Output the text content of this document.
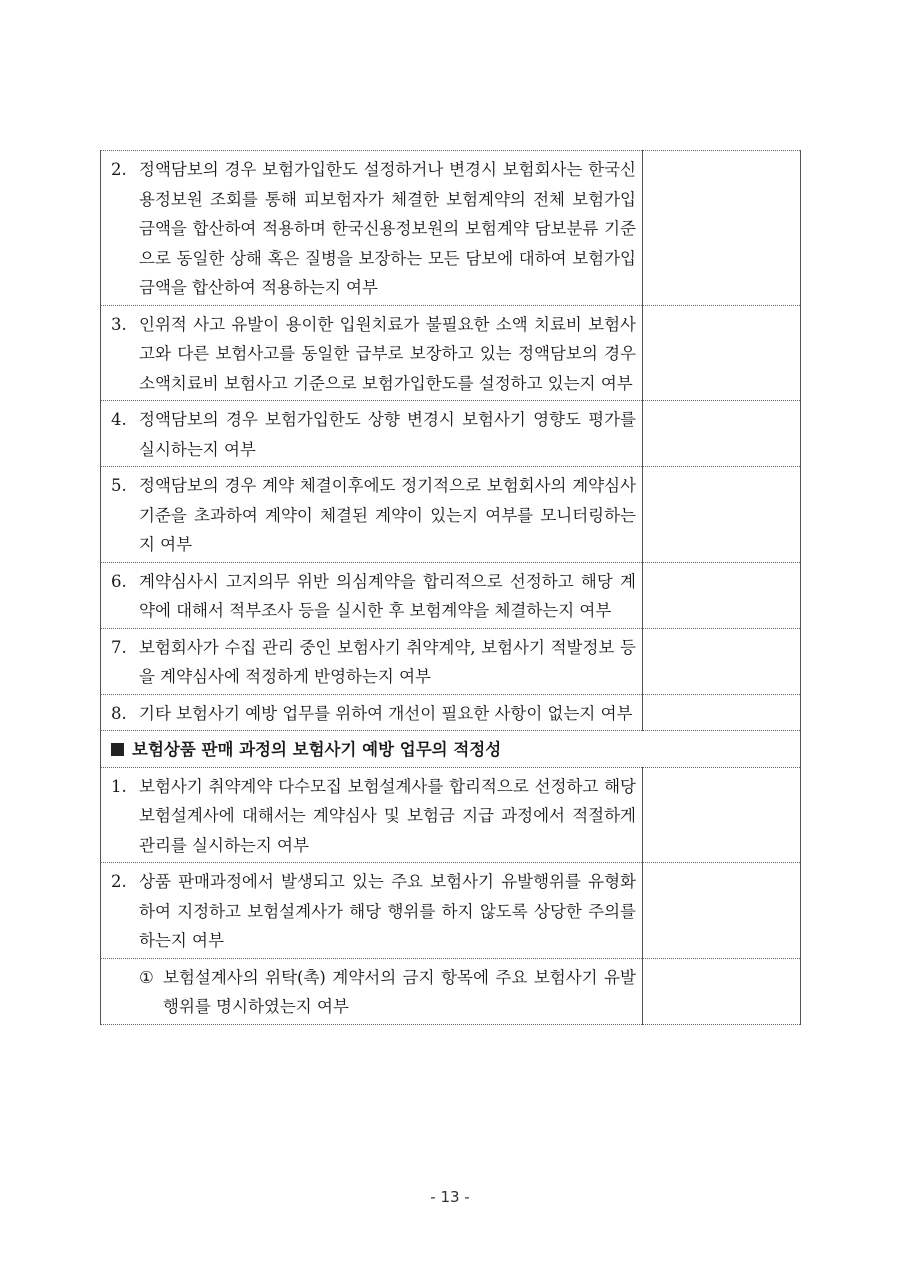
2. 정액담보의 경우 보험가입한도 설정하거나 변경시 보험회사는 한국신용정보원 조회를 통해 피보험자가 체결한 보험계약의 전체 보험가입금액을 합산하여 적용하며 한국신용정보원의 보험계약 담보분류 기준으로 동일한 상해 혹은 질병을 보장하는 모든 담보에 대하여 보험가입금액을 합산하여 적용하는지 여부	

3. 인위적 사고 유발이 용이한 입원치료가 불필요한 소액 치료비 보험사고와 다른 보험사고를 동일한 급부로 보장하고 있는 정액담보의 경우 소액치료비 보험사고 기준으로 보험가입한도를 설정하고 있는지 여부	

4. 정액담보의 경우 보험가입한도 상향 변경시 보험사기 영향도 평가를 실시하는지 여부	

5. 정액담보의 경우 계약 체결이후에도 정기적으로 보험회사의 계약심사기준을 초과하여 계약이 체결된 계약이 있는지 여부를 모니터링하는지 여부	

6. 계약심사시 고지의무 위반 의심계약을 합리적으로 선정하고 해당 계약에 대해서 적부조사 등을 실시한 후 보험계약을 체결하는지 여부	

7. 보험회사가 수집 관리 중인 보험사기 취약계약, 보험사기 적발정보 등을 계약심사에 적정하게 반영하는지 여부	

8. 기타 보험사기 예방 업무를 위하여 개선이 필요한 사항이 없는지 여부	

보험상품 판매 과정의 보험사기 예방 업무의 적정성	

1. 보험사기 취약계약 다수모집 보험설계사를 합리적으로 선정하고 해당 보험설계사에 대해서는 계약심사 및 보험금 지급 과정에서 적절하게 관리를 실시하는지 여부	

2. 상품 판매과정에서 발생되고 있는 주요 보험사기 유발행위를 유형화하여 지정하고 보험설계사가 해당 행위를 하지 않도록 상당한 주의를 하는지 여부	

① 보험설계사의 위탁(촉) 계약서의 금지 항목에 주요 보험사기 유발행위를 명시하였는지 여부	

- 13 -
